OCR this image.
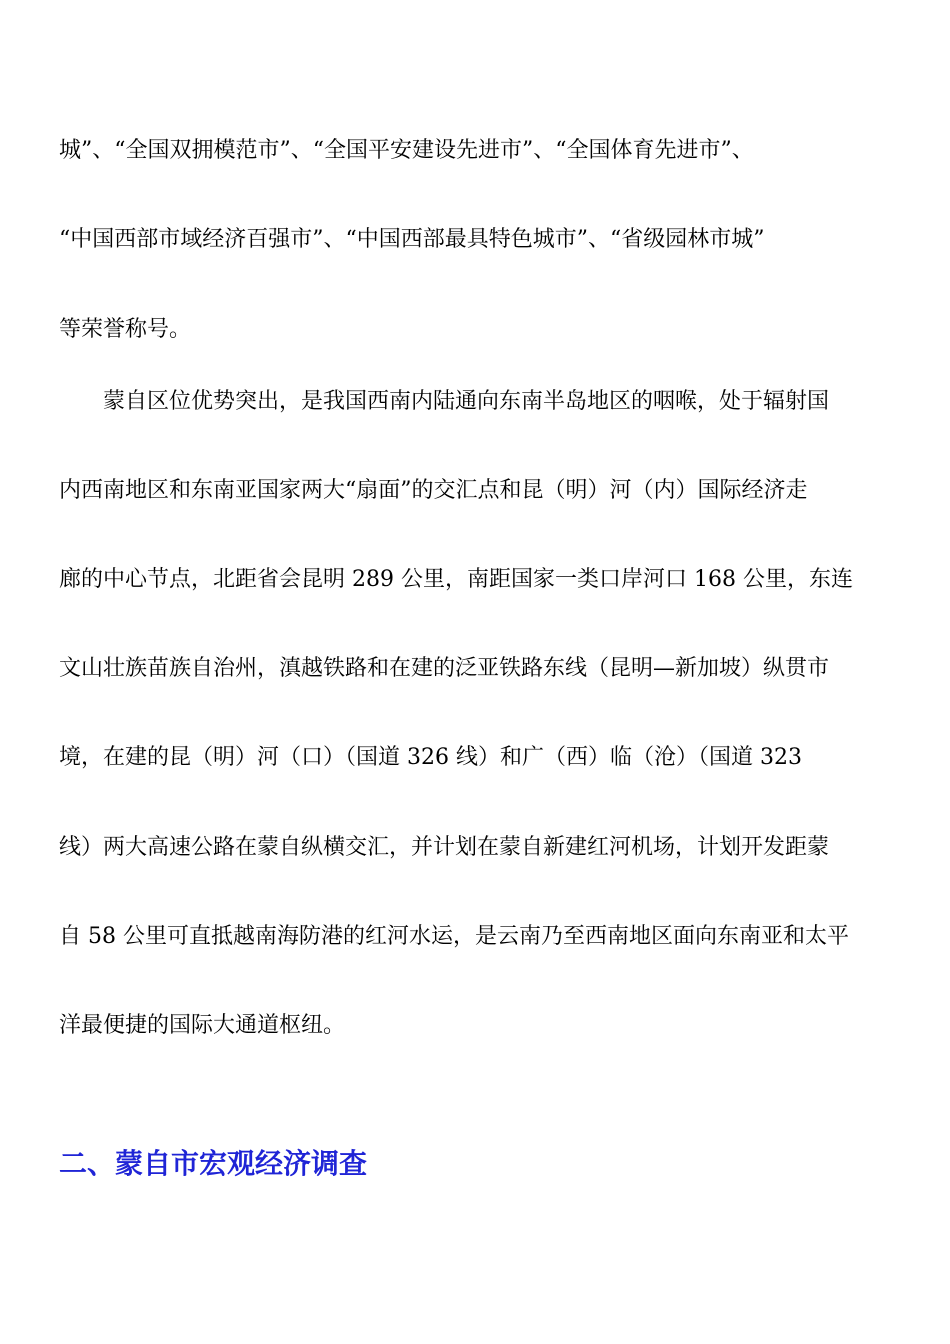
城”、“全国双拥模范市”、“全国平安建设先进市”、“全国体育先进市”、

“中国西部市域经济百强市”、“中国西部最具特色城市”、“省级园林市城”

等荣誉称号。

　　蒙自区位优势突出，是我国西南内陆通向东南半岛地区的咽喉，处于辐射国

内西南地区和东南亚国家两大“扇面”的交汇点和昆（明）河（内）国际经济走

廊的中心节点，北距省会昆明 289 公里，南距国家一类口岸河口 168 公里，东连

文山壮族苗族自治州，滇越铁路和在建的泛亚铁路东线（昆明—新加坡）纵贯市

境，在建的昆（明）河（口）（国道 326 线）和广（西）临（沧）（国道 323

线）两大高速公路在蒙自纵横交汇，并计划在蒙自新建红河机场，计划开发距蒙

自 58 公里可直抵越南海防港的红河水运，是云南乃至西南地区面向东南亚和太平

洋最便捷的国际大通道枢纽。

二、蒙自市宏观经济调查
